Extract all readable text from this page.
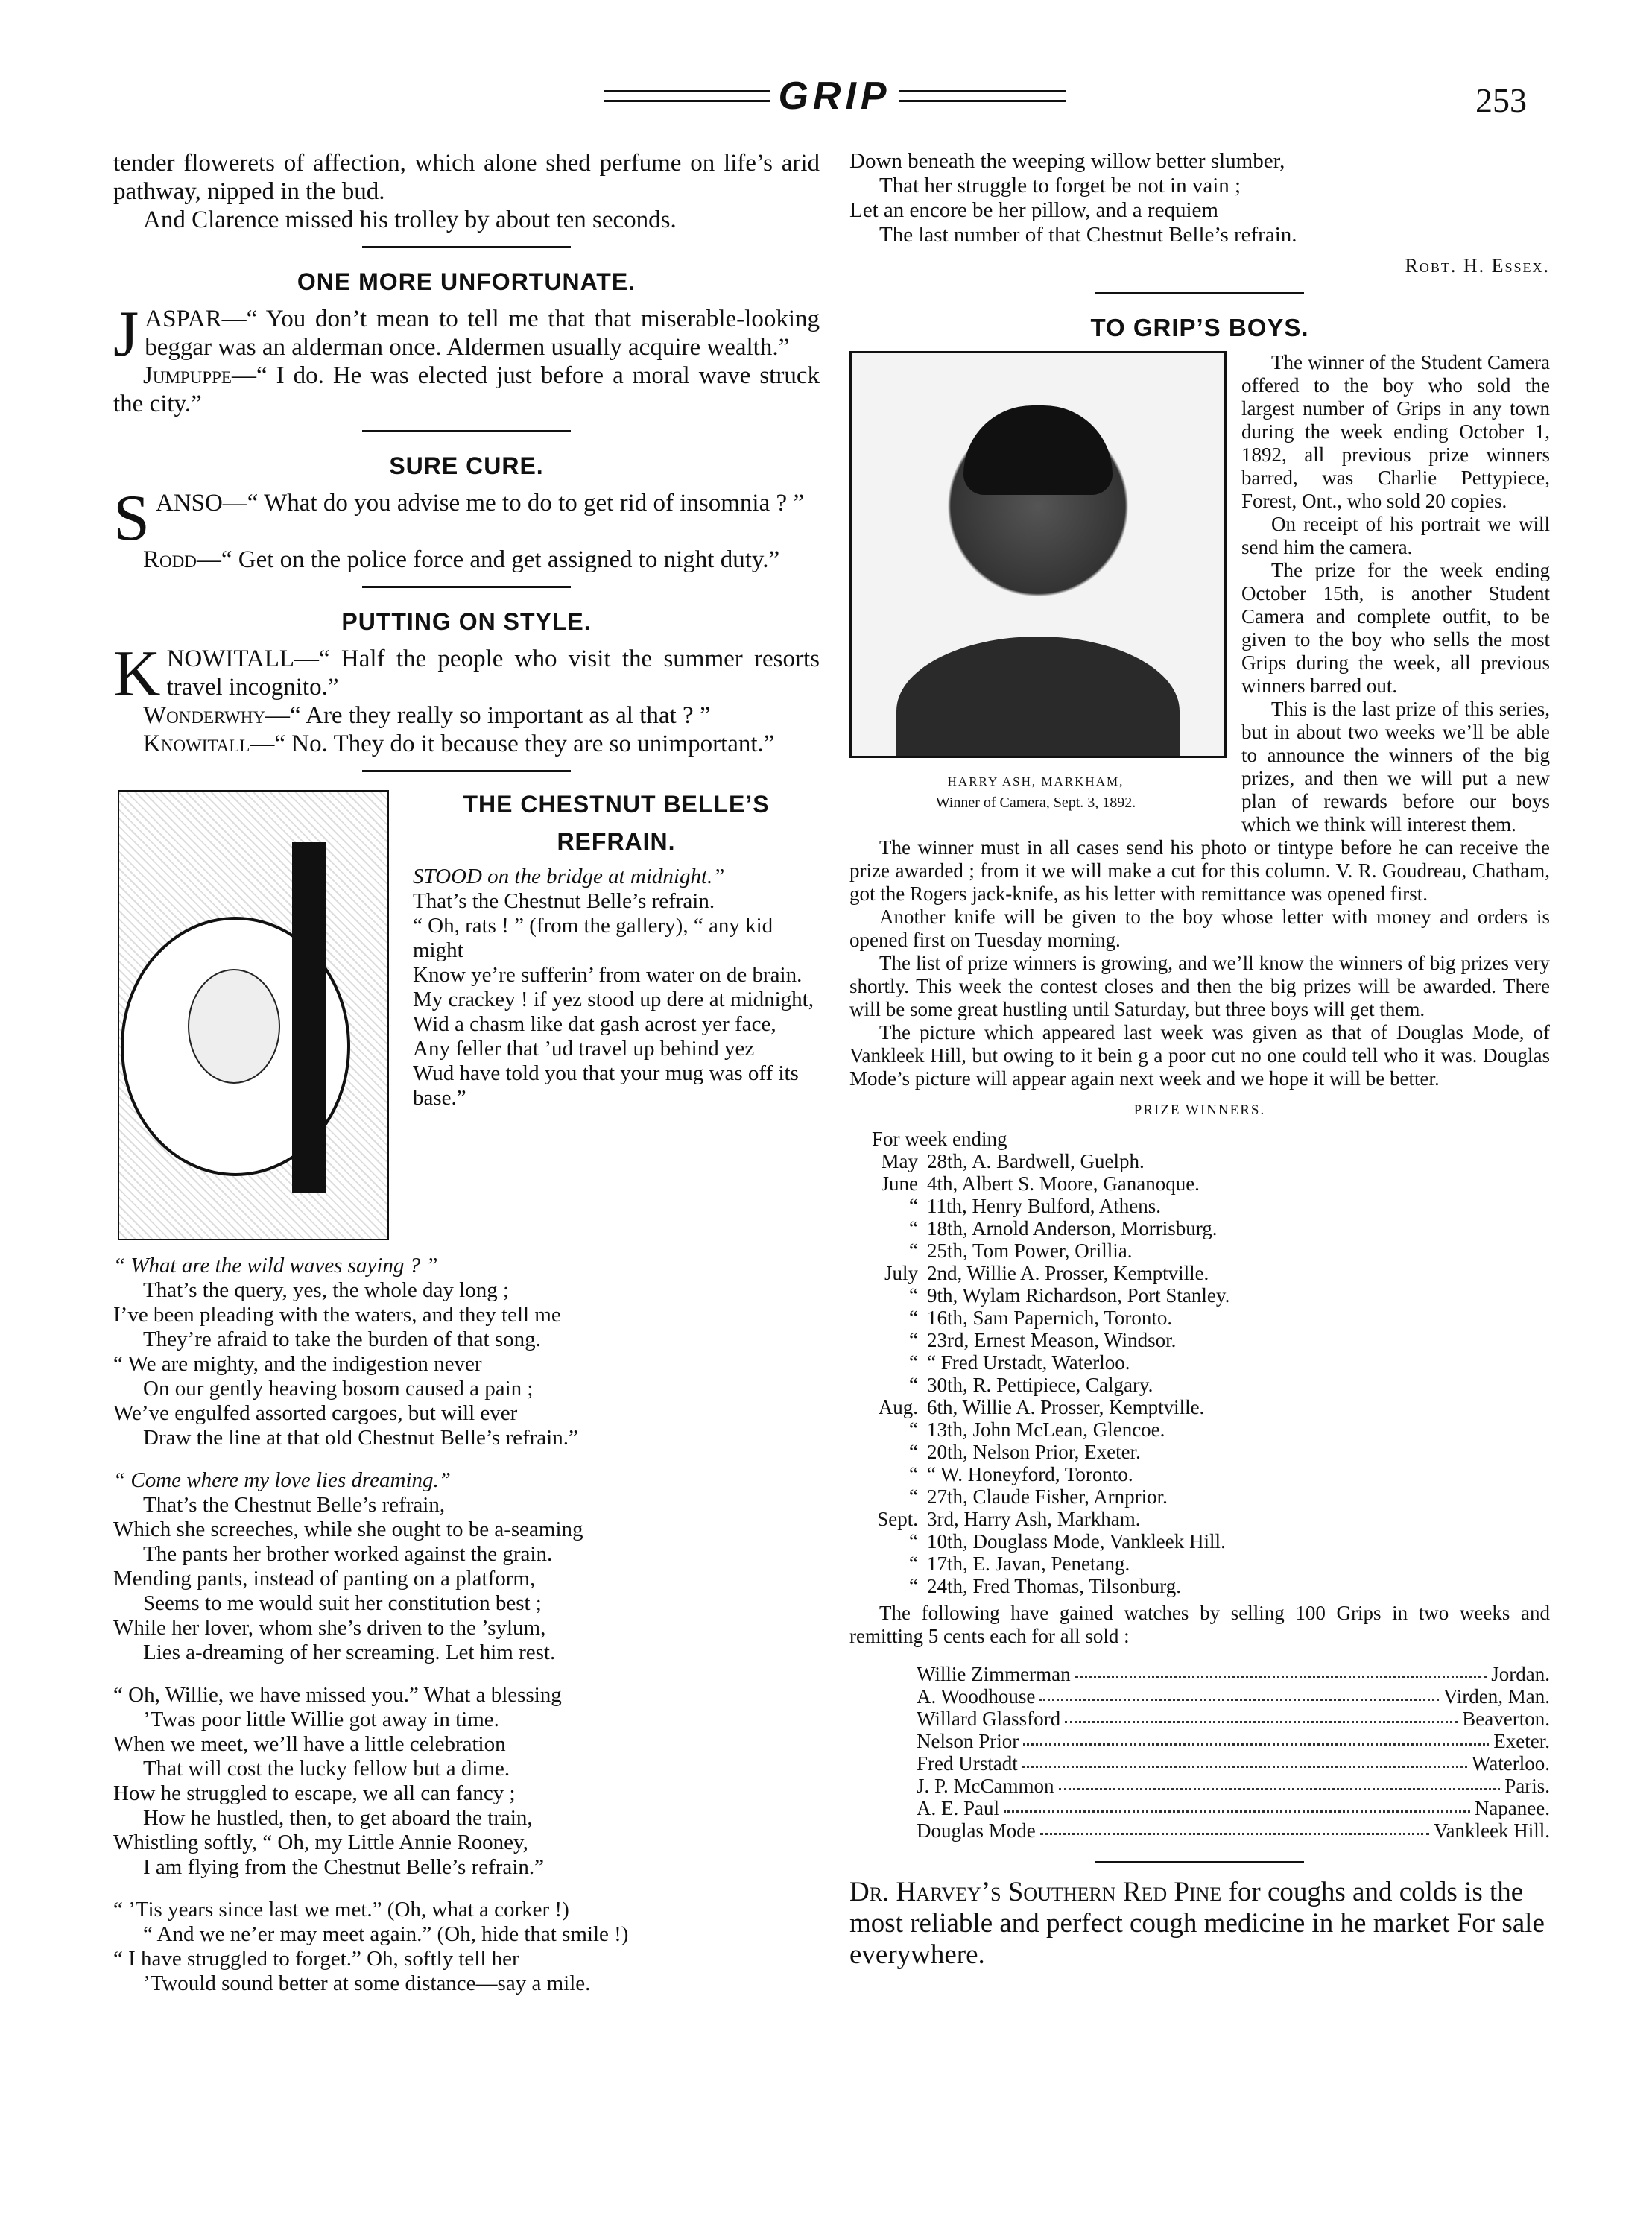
GRIP	253

tender flowerets of affection, which alone shed perfume on life’s arid pathway, nipped in the bud.

And Clarence missed his trolley by about ten seconds.

ONE MORE UNFORTUNATE.

JASPAR—“ You don’t mean to tell me that that miserable-looking beggar was an alderman once. Aldermen usually acquire wealth.”

Jumpuppe—“ I do. He was elected just before a moral wave struck the city.”

SURE CURE.

SANSO—“ What do you advise me to do to get rid of insomnia ? ”

Rodd—“ Get on the police force and get assigned to night duty.”

PUTTING ON STYLE.

KNOWITALL—“ Half the people who visit the summer resorts travel incognito.”

Wonderwhy—“ Are they really so important as al that ? ”

Knowitall—“ No. They do it because they are so unimportant.”

THE CHESTNUT BELLE’S
REFRAIN.
STOOD on the bridge at midnight.”
That’s the Chestnut Belle’s refrain.
“ Oh, rats ! ” (from the gallery), “ any kid might
Know ye’re sufferin’ from water on de brain.
My crackey ! if yez stood up dere at midnight,
Wid a chasm like dat gash acrost yer face,
Any feller that ’ud travel up behind yez
Wud have told you that your mug was off its base.”
“ What are the wild waves saying ? ”
That’s the query, yes, the whole day long ;
I’ve been pleading with the waters, and they tell me
They’re afraid to take the burden of that song.
“ We are mighty, and the indigestion never
On our gently heaving bosom caused a pain ;
We’ve engulfed assorted cargoes, but will ever
Draw the line at that old Chestnut Belle’s refrain.”
“ Come where my love lies dreaming.”
That’s the Chestnut Belle’s refrain,
Which she screeches, while she ought to be a-seaming
The pants her brother worked against the grain.
Mending pants, instead of panting on a platform,
Seems to me would suit her constitution best ;
While her lover, whom she’s driven to the ’sylum,
Lies a-dreaming of her screaming. Let him rest.
“ Oh, Willie, we have missed you.” What a blessing
’Twas poor little Willie got away in time.
When we meet, we’ll have a little celebration
That will cost the lucky fellow but a dime.
How he struggled to escape, we all can fancy ;
How he hustled, then, to get aboard the train,
Whistling softly, “ Oh, my Little Annie Rooney,
I am flying from the Chestnut Belle’s refrain.”
“ ’Tis years since last we met.” (Oh, what a corker !)
“ And we ne’er may meet again.” (Oh, hide that smile !)
“ I have struggled to forget.” Oh, softly tell her
’Twould sound better at some distance—say a mile.
Down beneath the weeping willow better slumber,
That her struggle to forget be not in vain ;
Let an encore be her pillow, and a requiem
The last number of that Chestnut Belle’s refrain.
Robt. H. Essex.
TO GRIP’S BOYS.
HARRY ASH, MARKHAM,
Winner of Camera, Sept. 3, 1892.

The winner of the Student Camera offered to the boy who sold the largest number of Grips in any town during the week ending October 1, 1892, all previous prize winners barred, was Charlie Pettypiece, Forest, Ont., who sold 20 copies.

On receipt of his portrait we will send him the camera.

The prize for the week ending October 15th, is another Student Camera and complete outfit, to be given to the boy who sells the most Grips during the week, all previous winners barred out.

This is the last prize of this series, but in about two weeks we’ll be able to announce the winners of the big prizes, and then we will put a new plan of rewards before our boys which we think will interest them.

The winner must in all cases send his photo or tintype before he can receive the prize awarded ; from it we will make a cut for this column. V. R. Goudreau, Chatham, got the Rogers jack-knife, as his letter with remittance was opened first.

Another knife will be given to the boy whose letter with money and orders is opened first on Tuesday morning.

The list of prize winners is growing, and we’ll know the winners of big prizes very shortly. This week the contest closes and then the big prizes will be awarded. There will be some great hustling until Saturday, but three boys will get them.

The picture which appeared last week was given as that of Douglas Mode, of Vankleek Hill, but owing to it bein g a poor cut no one could tell who it was. Douglas Mode’s picture will appear again next week and we hope it will be better.

PRIZE WINNERS.
For week ending
May 28th, A. Bardwell, Guelph.
June 4th, Albert S. Moore, Gananoque.
“ 11th, Henry Bulford, Athens.
“ 18th, Arnold Anderson, Morrisburg.
“ 25th, Tom Power, Orillia.
July 2nd, Willie A. Prosser, Kemptville.
“ 9th, Wylam Richardson, Port Stanley.
“ 16th, Sam Papernich, Toronto.
“ 23rd, Ernest Meason, Windsor.
“ “ Fred Urstadt, Waterloo.
“ 30th, R. Pettipiece, Calgary.
Aug. 6th, Willie A. Prosser, Kemptville.
“ 13th, John McLean, Glencoe.
“ 20th, Nelson Prior, Exeter.
“ “ W. Honeyford, Toronto.
“ 27th, Claude Fisher, Arnprior.
Sept. 3rd, Harry Ash, Markham.
“ 10th, Douglass Mode, Vankleek Hill.
“ 17th, E. Javan, Penetang.
“ 24th, Fred Thomas, Tilsonburg.

The following have gained watches by selling 100 Grips in two weeks and remitting 5 cents each for all sold :

Willie Zimmerman	Jordan.
A. Woodhouse	Virden, Man.
Willard Glassford	Beaverton.
Nelson Prior	Exeter.
Fred Urstadt	Waterloo.
J. P. McCammon	Paris.
A. E. Paul	Napanee.
Douglas Mode	Vankleek Hill.

Dr. Harvey’s Southern Red Pine for coughs and colds is the most reliable and perfect cough medicine in he market For sale everywhere.
